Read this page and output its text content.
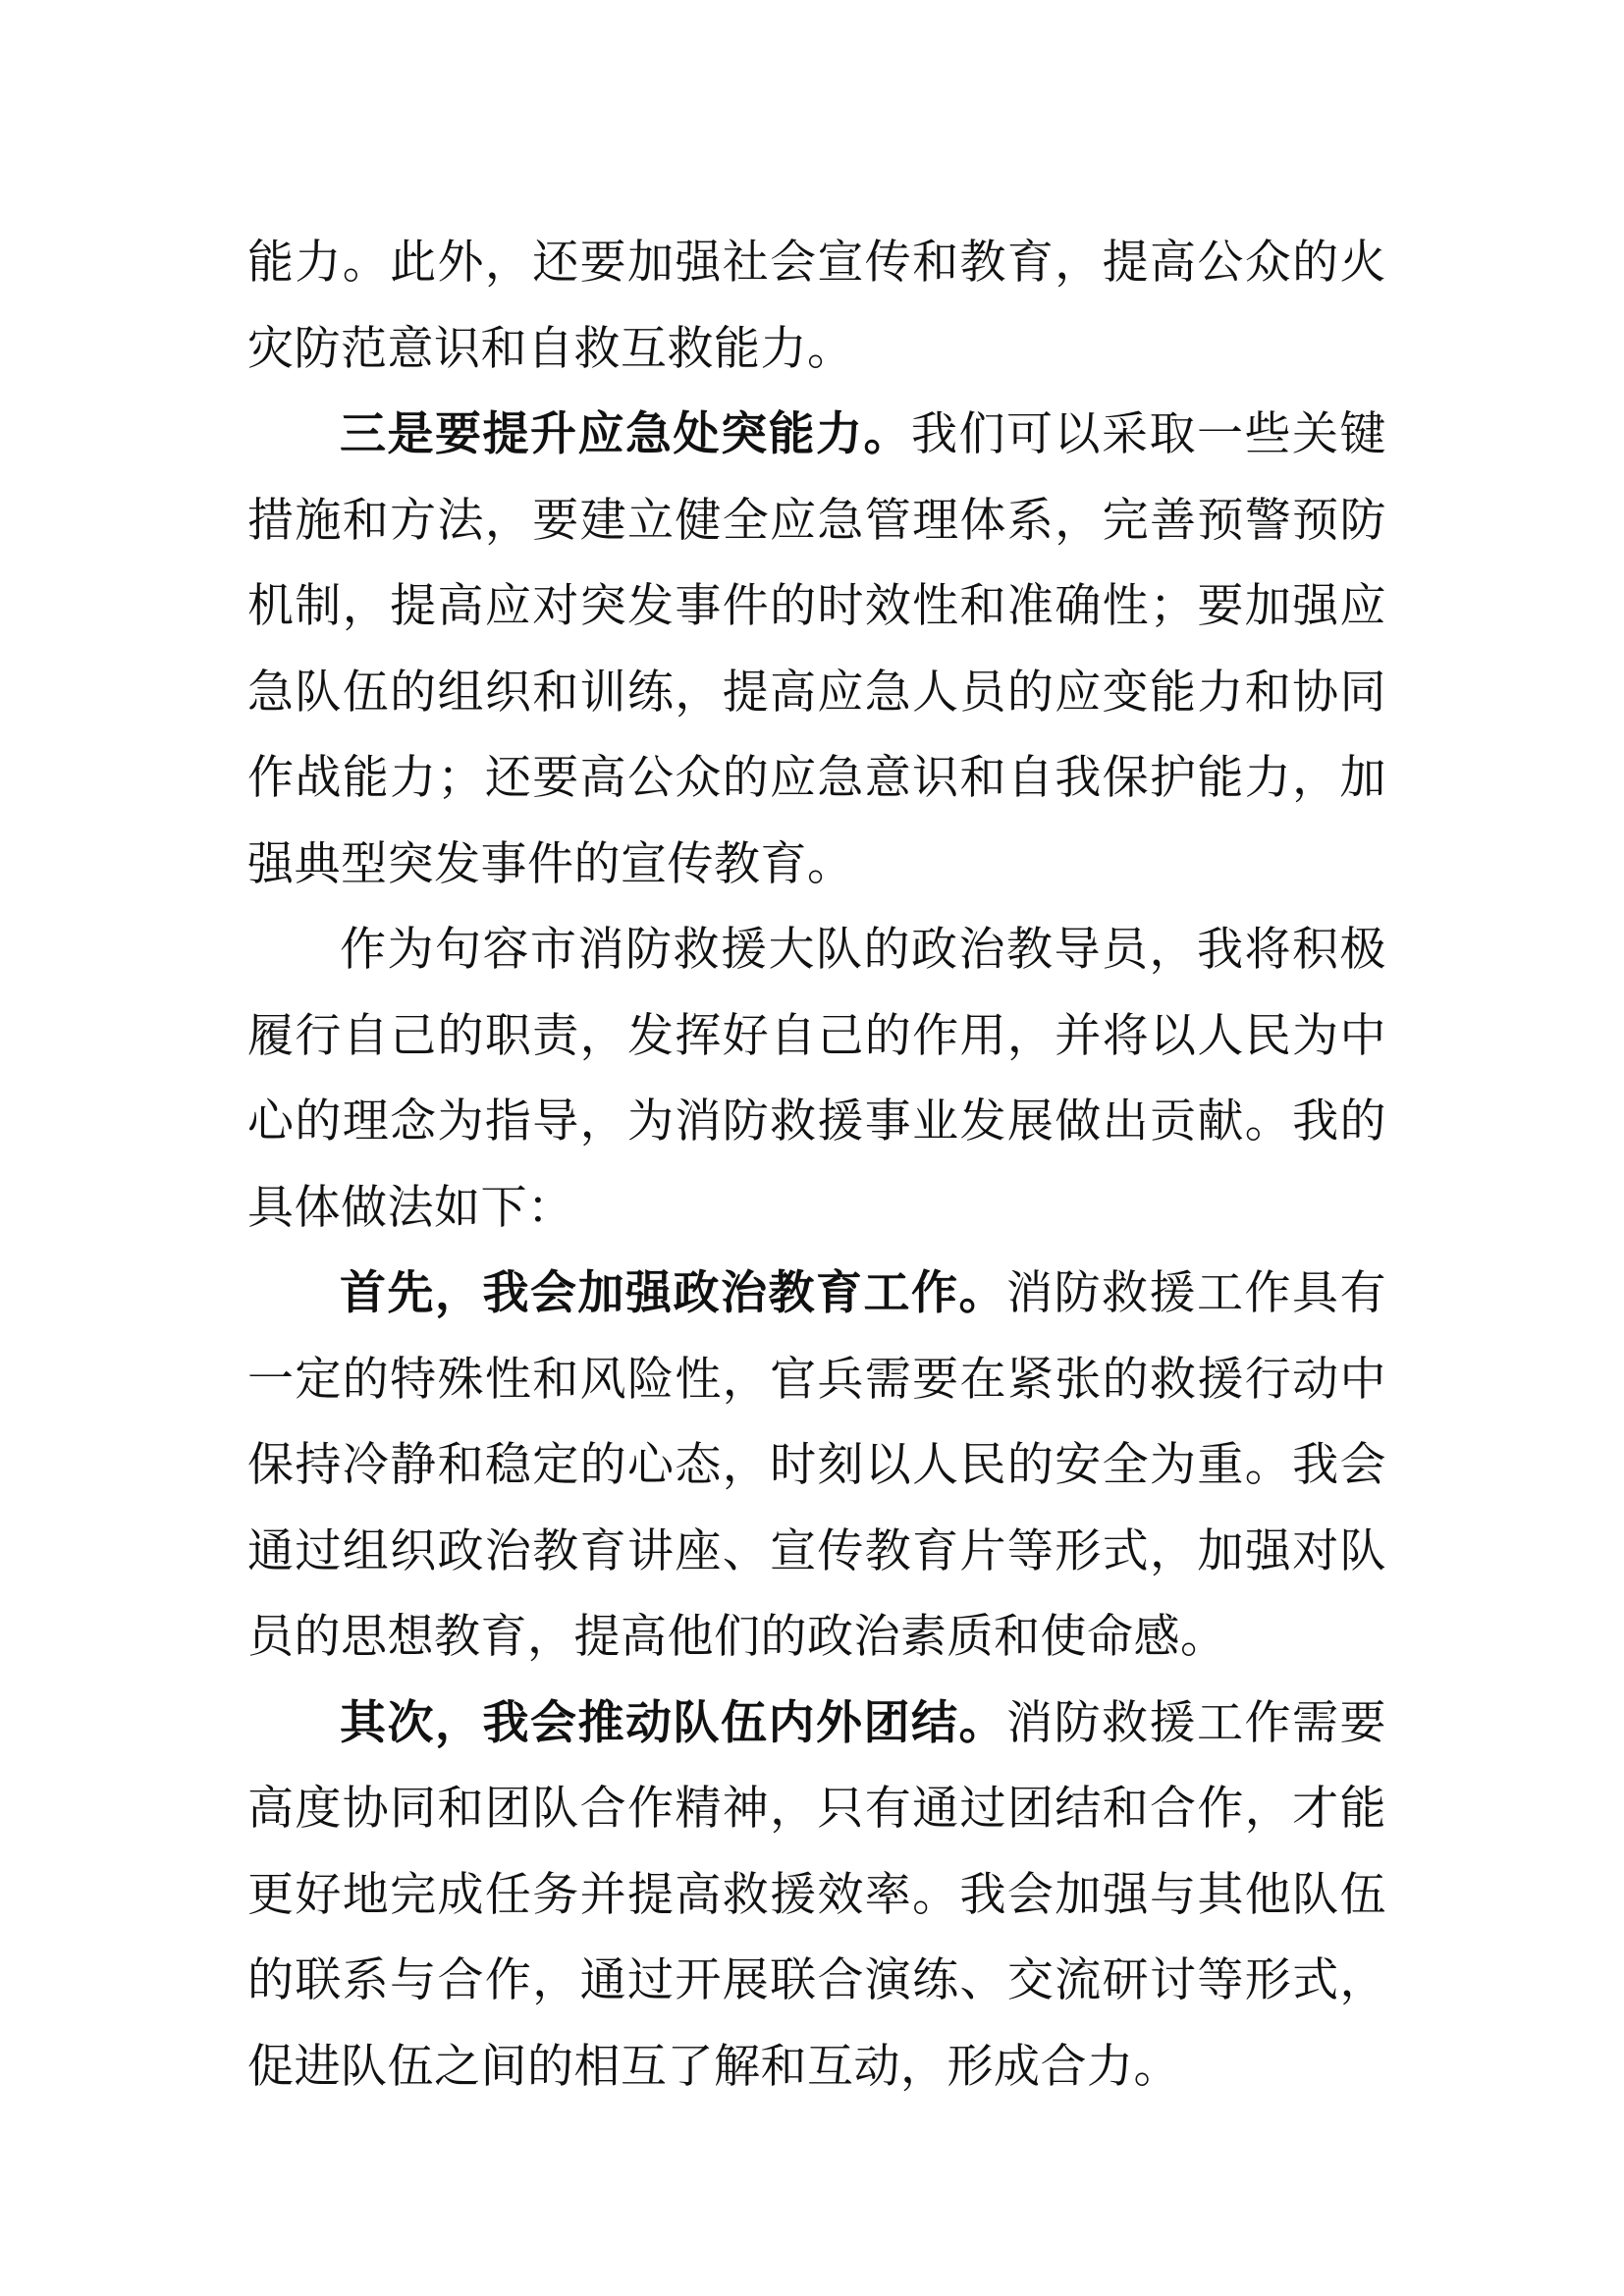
能力。此外，还要加强社会宣传和教育，提高公众的火灾防范意识和自救互救能力。

三是要提升应急处突能力。我们可以采取一些关键措施和方法，要建立健全应急管理体系，完善预警预防机制，提高应对突发事件的时效性和准确性；要加强应急队伍的组织和训练，提高应急人员的应变能力和协同作战能力；还要高公众的应急意识和自我保护能力，加强典型突发事件的宣传教育。

作为句容市消防救援大队的政治教导员，我将积极履行自己的职责，发挥好自己的作用，并将以人民为中心的理念为指导，为消防救援事业发展做出贡献。我的具体做法如下：

首先，我会加强政治教育工作。消防救援工作具有一定的特殊性和风险性，官兵需要在紧张的救援行动中保持冷静和稳定的心态，时刻以人民的安全为重。我会通过组织政治教育讲座、宣传教育片等形式，加强对队员的思想教育，提高他们的政治素质和使命感。

其次，我会推动队伍内外团结。消防救援工作需要高度协同和团队合作精神，只有通过团结和合作，才能更好地完成任务并提高救援效率。我会加强与其他队伍的联系与合作，通过开展联合演练、交流研讨等形式，促进队伍之间的相互了解和互动，形成合力。
